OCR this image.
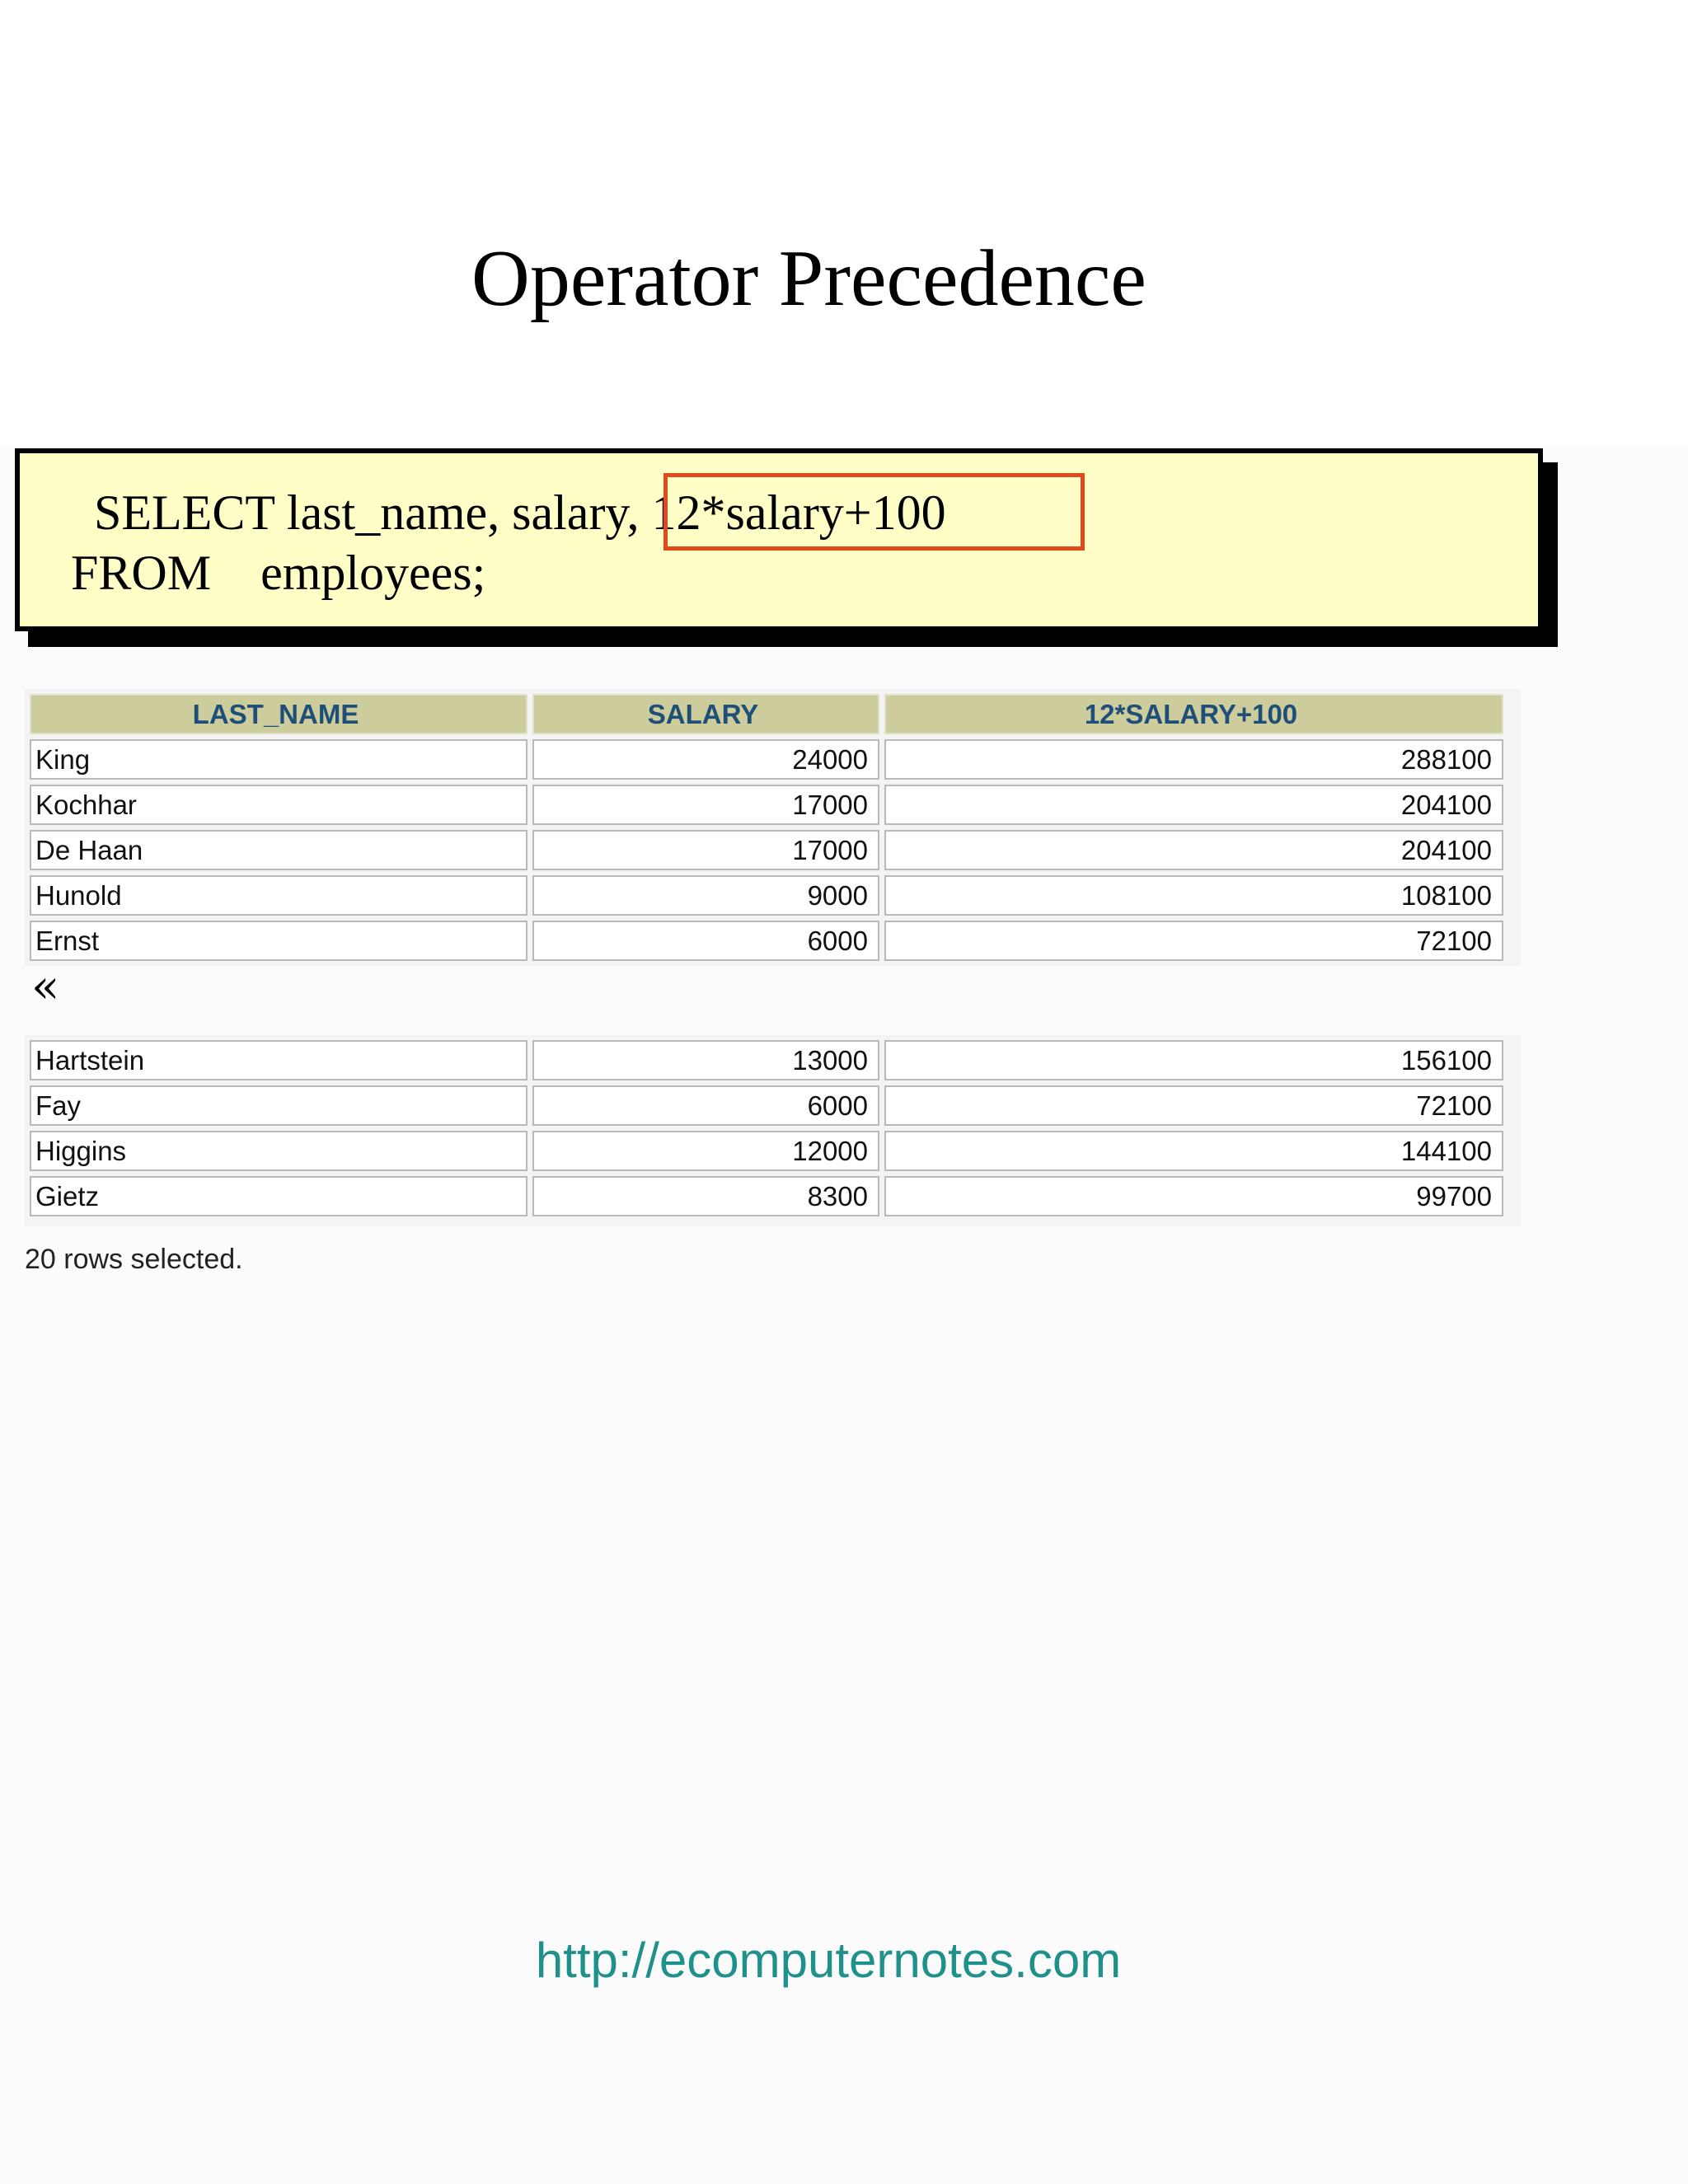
Operator Precedence
SELECT last_name, salary, 12*salary+100
FROM    employees;
LAST_NAME	SALARY	12*SALARY+100
King	24000	288100
Kochhar	17000	204100
De Haan	17000	204100
Hunold	9000	108100
Ernst	6000	72100
«
Hartstein	13000	156100
Fay	6000	72100
Higgins	12000	144100
Gietz	8300	99700
20 rows selected.
http://ecomputernotes.com
